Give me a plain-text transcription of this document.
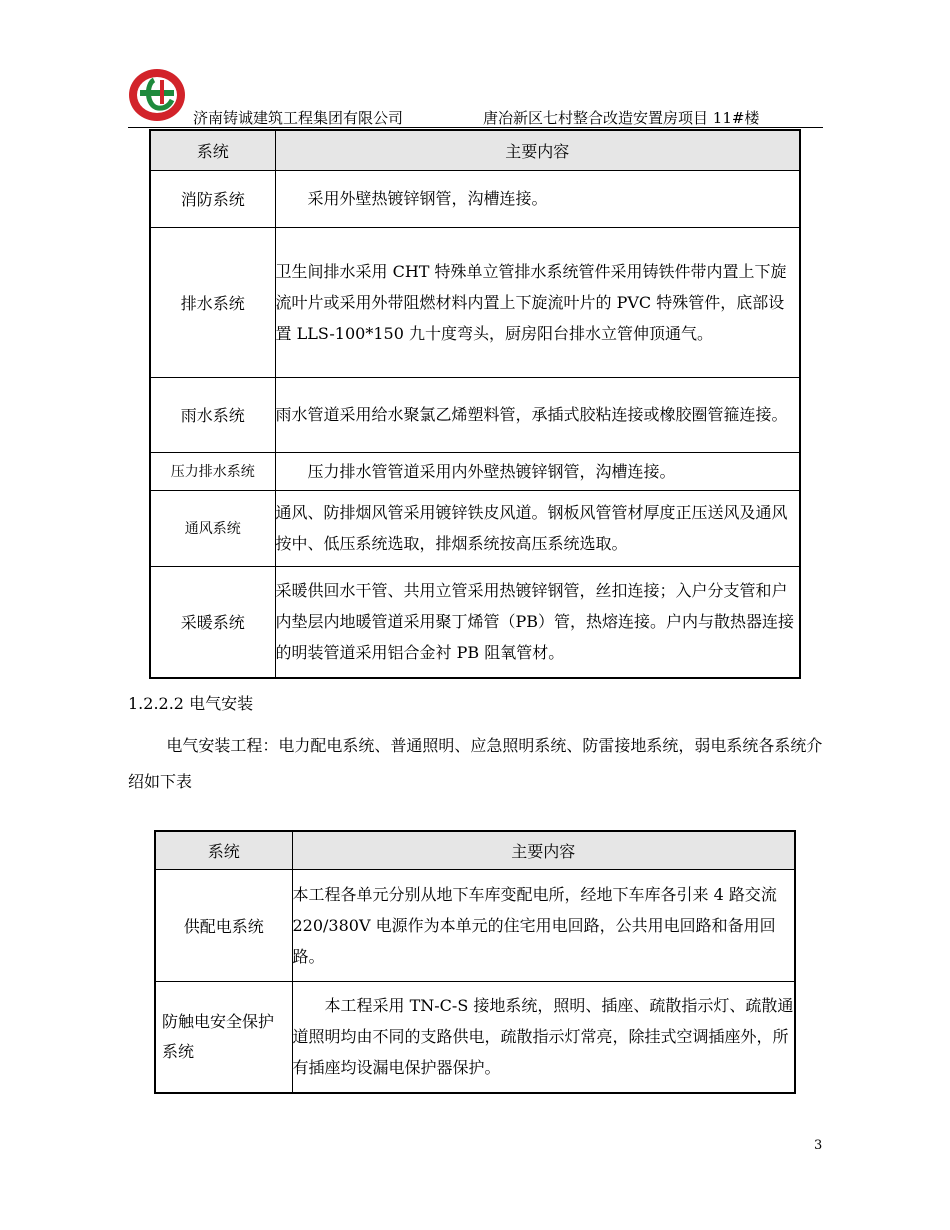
济南铸诚建筑工程集团有限公司	唐冶新区七村整合改造安置房项目 11#楼
系统	主要内容
消防系统	采用外壁热镀锌钢管，沟槽连接。
排水系统	卫生间排水采用 CHT 特殊单立管排水系统管件采用铸铁件带内置上下旋流叶片或采用外带阻燃材料内置上下旋流叶片的 PVC 特殊管件，底部设置 LLS-100*150 九十度弯头，厨房阳台排水立管伸顶通气。
雨水系统	雨水管道采用给水聚氯乙烯塑料管，承插式胶粘连接或橡胶圈管箍连接。
压力排水系统	压力排水管管道采用内外壁热镀锌钢管，沟槽连接。
通风系统	通风、防排烟风管采用镀锌铁皮风道。钢板风管管材厚度正压送风及通风按中、低压系统选取，排烟系统按高压系统选取。
采暖系统	采暖供回水干管、共用立管采用热镀锌钢管，丝扣连接；入户分支管和户内垫层内地暖管道采用聚丁烯管（PB）管，热熔连接。户内与散热器连接的明装管道采用铝合金衬 PB 阻氧管材。
1.2.2.2 电气安装
电气安装工程：电力配电系统、普通照明、应急照明系统、防雷接地系统，弱电系统各系统介绍如下表
系统	主要内容
供配电系统	本工程各单元分别从地下车库变配电所，经地下车库各引来 4 路交流 220/380V 电源作为本单元的住宅用电回路，公共用电回路和备用回路。
防触电安全保护系统	本工程采用 TN-C-S 接地系统，照明、插座、疏散指示灯、疏散通道照明均由不同的支路供电，疏散指示灯常亮，除挂式空调插座外，所有插座均设漏电保护器保护。
3
